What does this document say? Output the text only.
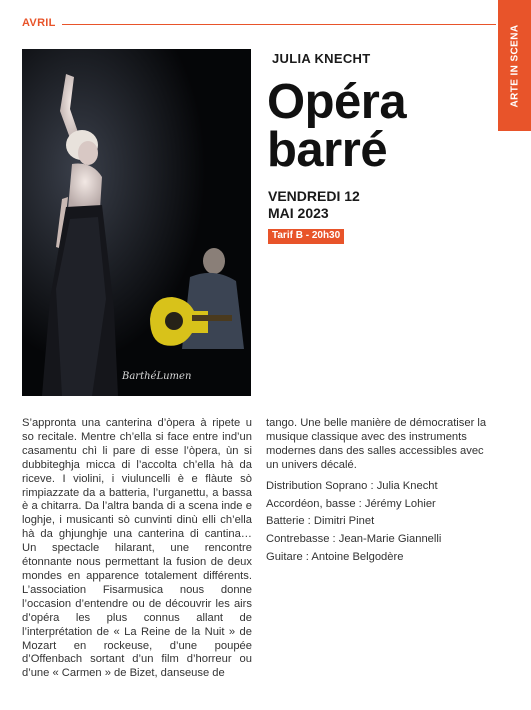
AVRIL
ARTE IN SCENA
BarthéLumen
JULIA KNECHT
Opéra
barré
VENDREDI 12
MAI 2023
Tarif B - 20h30
S’appronta una canterina d’òpera à ripete u so recitale. Mentre ch’ella si face entre ind’un casamentu chì li pare di esse l’òpera, ùn si dubbiteghja micca di l’accolta ch’ella hà da riceve. I violini, i viuluncelli è e flàute sò rimpiazzate da a batteria, l’urganettu, a bassa è a chitarra. Da l’altra banda di a scena inde e loghje, i musicanti sò cunvinti dinù elli ch’ella hà da ghjunghje una canterina di cantina… Un spectacle hilarant, une rencontre étonnante nous permettant la fusion de deux mondes en apparence totalement différents. L’association Fisarmusica nous donne l’occasion d’entendre ou de découvrir les airs d’opéra les plus connus allant de l’interprétation de « La Reine de la Nuit » de Mozart en rockeuse, d’une poupée d’Offenbach sortant d’un film d’horreur ou d’une « Carmen » de Bizet, danseuse de
tango. Une belle manière de démocratiser la musique classique avec des instruments modernes dans des salles accessibles avec un univers décalé.
Distribution Soprano : Julia Knecht
Accordéon, basse : Jérémy Lohier
Batterie : Dimitri Pinet
Contrebasse : Jean-Marie Giannelli
Guitare : Antoine Belgodère
